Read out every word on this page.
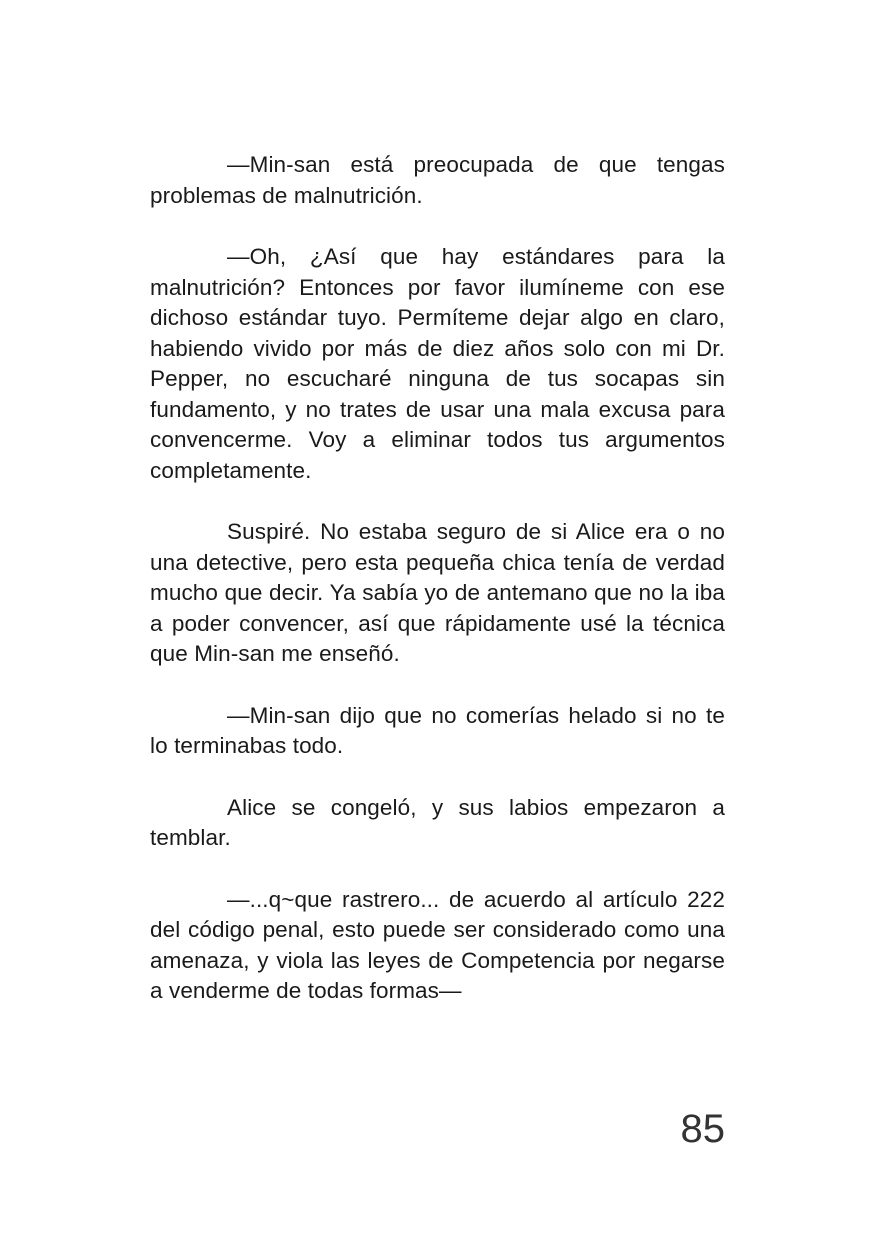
—Min-san está preocupada de que tengas problemas de malnutrición.

—Oh, ¿Así que hay estándares para la malnutrición? Entonces por favor ilumíneme con ese dichoso estándar tuyo. Permíteme dejar algo en claro, habiendo vivido por más de diez años solo con mi Dr. Pepper, no escucharé ninguna de tus socapas sin fundamento, y no trates de usar una mala excusa para convencerme. Voy a eliminar todos tus argumentos completamente.

Suspiré. No estaba seguro de si Alice era o no una detective, pero esta pequeña chica tenía de verdad mucho que decir. Ya sabía yo de antemano que no la iba a poder convencer, así que rápidamente usé la técnica que Min-san me enseñó.

—Min-san dijo que no comerías helado si no te lo terminabas todo.

Alice se congeló, y sus labios empezaron a temblar.

—...q~que rastrero... de acuerdo al artículo 222 del código penal, esto puede ser considerado como una amenaza, y viola las leyes de Competencia por negarse a venderme de todas formas—

85
